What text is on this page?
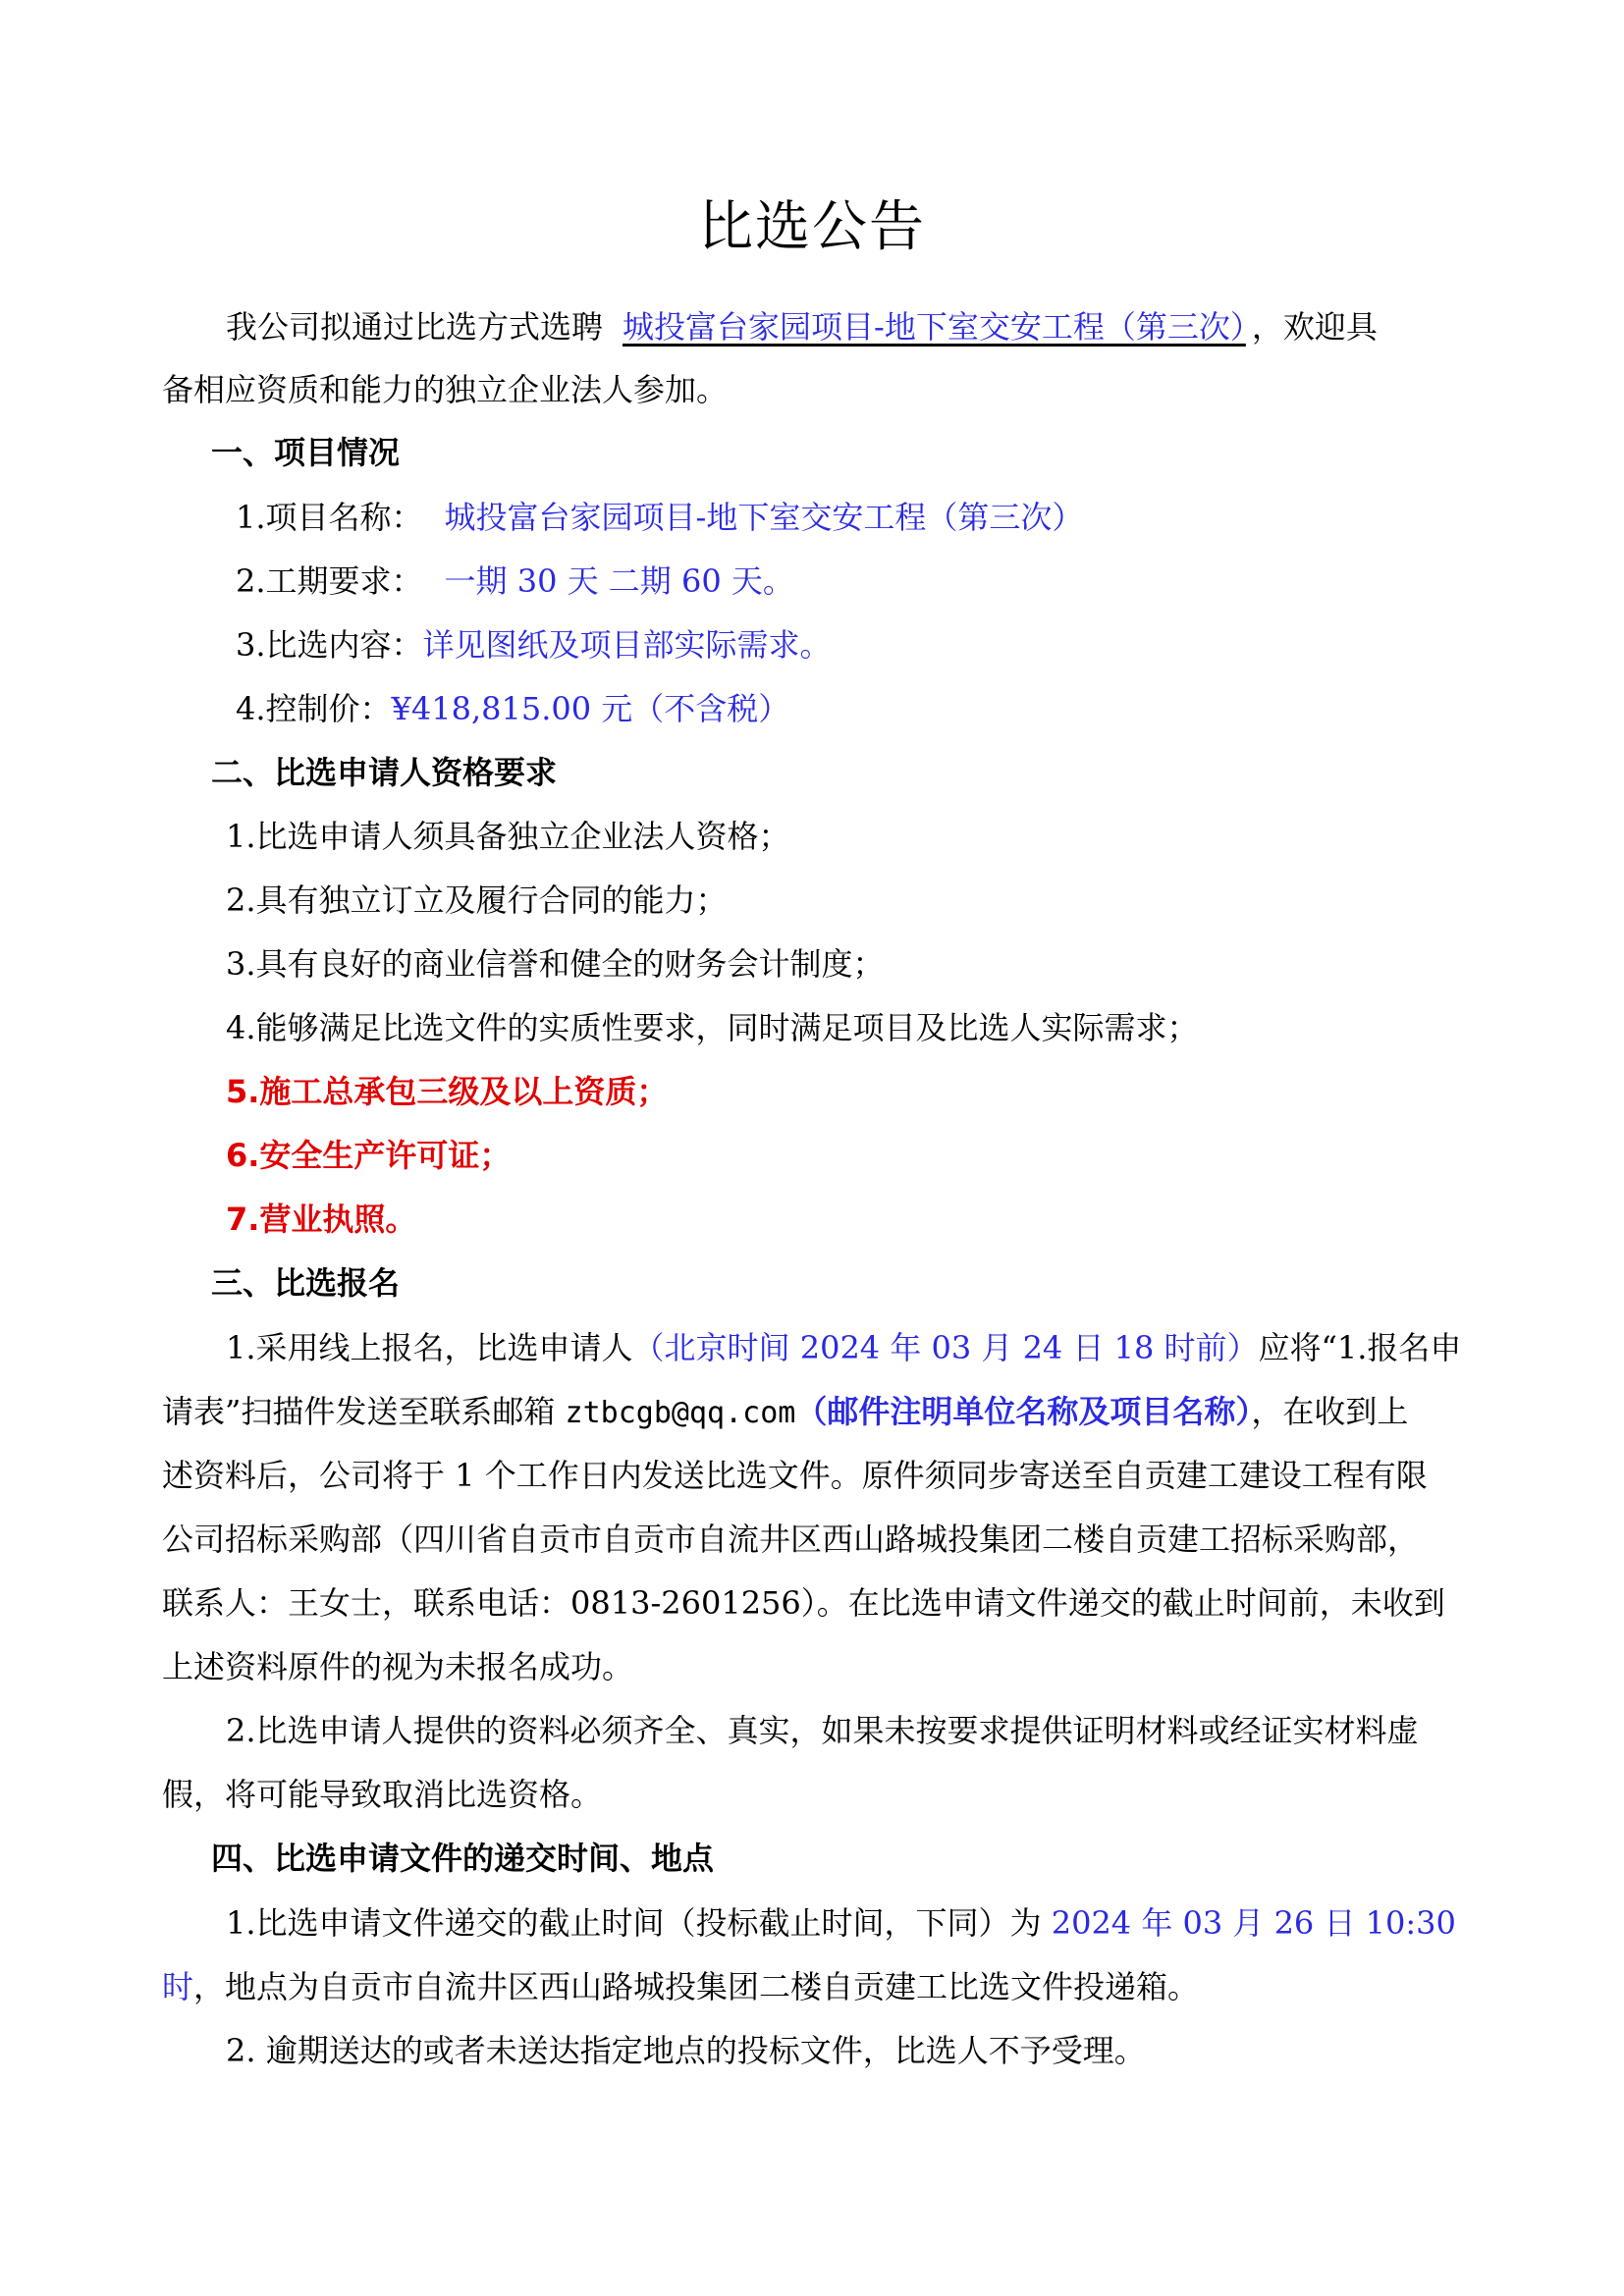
比选公告
我公司拟通过比选方式选聘 城投富台家园项目-地下室交安工程（第三次） ，欢迎具
备相应资质和能力的独立企业法人参加。
一、项目情况
1.项目名称： 城投富台家园项目-地下室交安工程（第三次）
2.工期要求： 一期 30 天 二期 60 天。
3.比选内容：详见图纸及项目部实际需求。
4.控制价：¥418,815.00 元（不含税）
二、比选申请人资格要求
1.比选申请人须具备独立企业法人资格；
2.具有独立订立及履行合同的能力；
3.具有良好的商业信誉和健全的财务会计制度；
4.能够满足比选文件的实质性要求，同时满足项目及比选人实际需求；
5.施工总承包三级及以上资质；
6.安全生产许可证；
7.营业执照。
三、比选报名
1.采用线上报名，比选申请人（北京时间 2024 年 03 月 24 日 18 时前）应将“1.报名申
请表”扫描件发送至联系邮箱 ztbcgb@qq.com（邮件注明单位名称及项目名称），在收到上
述资料后，公司将于 1 个工作日内发送比选文件。原件须同步寄送至自贡建工建设工程有限
公司招标采购部（四川省自贡市自贡市自流井区西山路城投集团二楼自贡建工招标采购部，
联系人：王女士，联系电话：0813-2601256）。在比选申请文件递交的截止时间前，未收到
上述资料原件的视为未报名成功。
2.比选申请人提供的资料必须齐全、真实，如果未按要求提供证明材料或经证实材料虚
假，将可能导致取消比选资格。
四、比选申请文件的递交时间、地点
1.比选申请文件递交的截止时间（投标截止时间，下同）为 2024 年 03 月 26 日 10:30
时，地点为自贡市自流井区西山路城投集团二楼自贡建工比选文件投递箱。
2. 逾期送达的或者未送达指定地点的投标文件，比选人不予受理。
